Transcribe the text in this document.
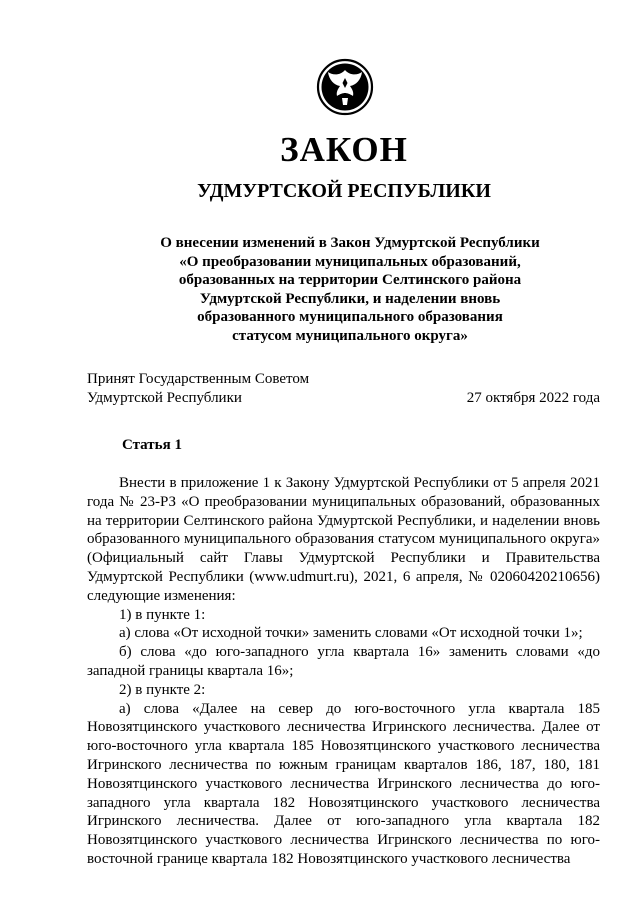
ЗАКОН
УДМУРТСКОЙ РЕСПУБЛИКИ
О внесении изменений в Закон Удмуртской Республики
«О преобразовании муниципальных образований,
образованных на территории Селтинского района
Удмуртской Республики, и наделении вновь
образованного муниципального образования
статусом муниципального округа»
Принят Государственным Советом
Удмуртской Республики	27 октября 2022 года
Статья 1

Внести в приложение 1 к Закону Удмуртской Республики от 5 апреля 2021 года № 23-РЗ «О преобразовании муниципальных образований, образованных на территории Селтинского района Удмуртской Республики, и наделении вновь образованного муниципального образования статусом муниципального округа» (Официальный сайт Главы Удмуртской Республики и Правительства Удмуртской Республики (www.udmurt.ru), 2021, 6 апреля, № 02060420210656) следующие изменения:

1) в пункте 1:

а) слова «От исходной точки» заменить словами «От исходной точки 1»;

б) слова «до юго-западного угла квартала 16» заменить словами «до западной границы квартала 16»;

2) в пункте 2:

а) слова «Далее на север до юго-восточного угла квартала 185 Новозятцинского участкового лесничества Игринского лесничества. Далее от юго-восточного угла квартала 185 Новозятцинского участкового лесничества Игринского лесничества по южным границам кварталов 186, 187, 180, 181 Новозятцинского участкового лесничества Игринского лесничества до юго-западного угла квартала 182 Новозятцинского участкового лесничества Игринского лесничества. Далее от юго-западного угла квартала 182 Новозятцинского участкового лесничества Игринского лесничества по юго-восточной границе квартала 182 Новозятцинского участкового лесничества
